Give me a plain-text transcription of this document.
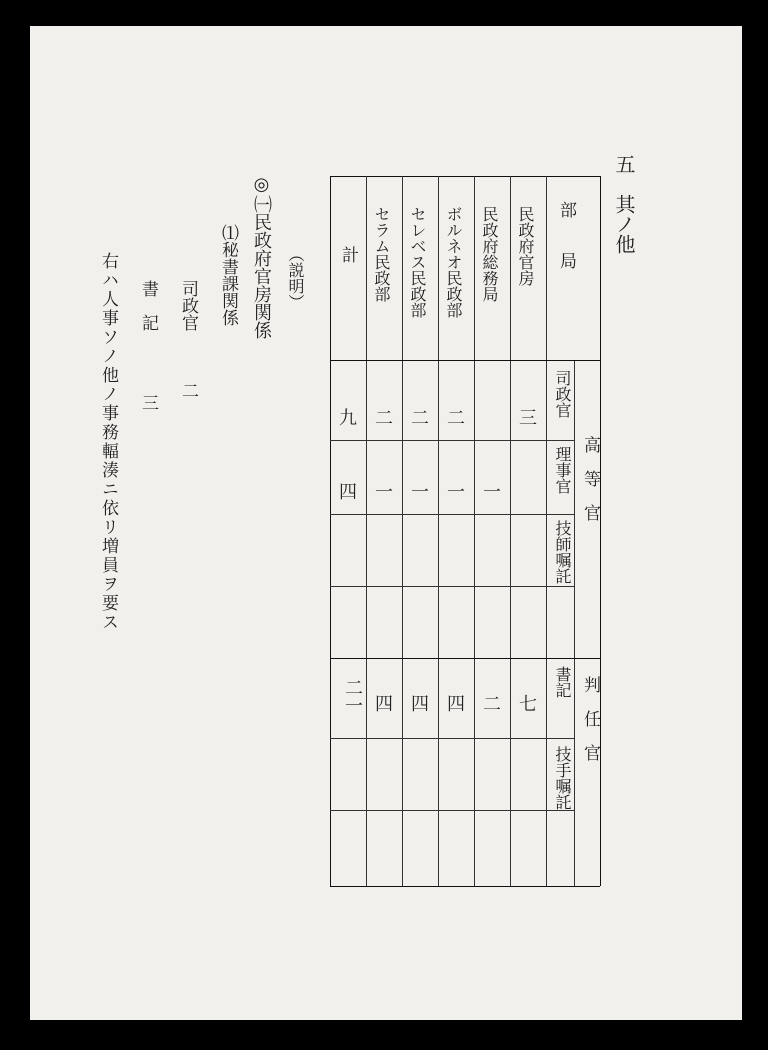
五
其ノ他
部　　局
高　等　官
判　任　官
司政官
理事官
技師嘱託
書記
技手嘱託
民政府官房
民政府総務局
ボルネオ民政部
セレベス民政部
セラム民政部
計
三
二
二
二
九
一
一
一
一
四
七
二
四
四
四
二一
（説明）
◎㈠民政府官房関係
⑴秘書課関係
司政官
二
書　記
三
右ハ人事ソノ他ノ事務輻湊ニ依リ増員ヲ要ス
